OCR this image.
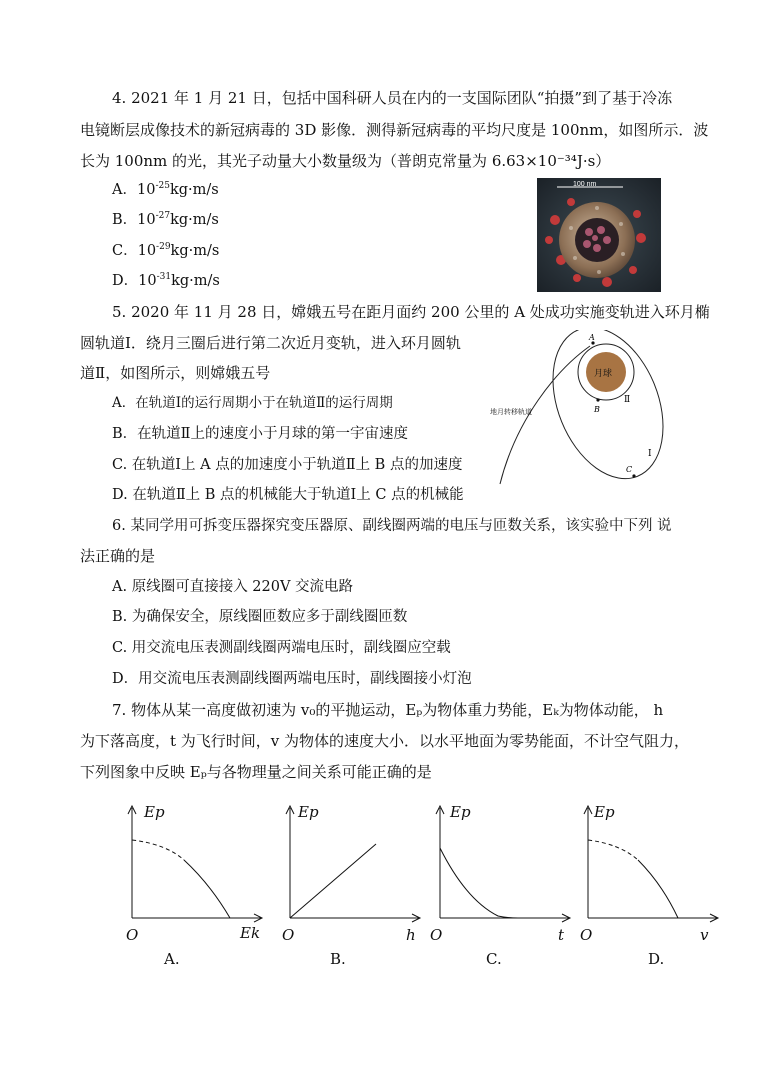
4. 2021 年 1 月 21 日，包括中国科研人员在内的一支国际团队“拍摄”到了基于冷冻
电镜断层成像技术的新冠病毒的 3D 影像．测得新冠病毒的平均尺度是 100nm，如图所示．波
长为 100nm 的光，其光子动量大小数量级为（普朗克常量为 6.63×10⁻³⁴J·s）
A．$10^{-25}kg\cdot m/s$
B．$10^{-27}kg\cdot m/s$
C．$10^{-29}kg\cdot m/s$
D．$10^{-31}kg\cdot m/s$
100 nm
5. 2020 年 11 月 28 日，嫦娥五号在距月面约 200 公里的 A 处成功实施变轨进入环月椭
圆轨道Ⅰ．绕月三圈后进行第二次近月变轨，进入环月圆轨
道Ⅱ，如图所示，则嫦娥五号
A．在轨道Ⅰ的运行周期小于在轨道Ⅱ的运行周期
B．在轨道Ⅱ上的速度小于月球的第一宇宙速度
C. 在轨道Ⅰ上 A 点的加速度小于轨道Ⅱ上 B 点的加速度
D. 在轨道Ⅱ上 B 点的机械能大于轨道Ⅰ上 C 点的机械能
月球
地月转移轨道
A
B
C
Ⅱ
Ⅰ
6. 某同学用可拆变压器探究变压器原、副线圈两端的电压与匝数关系，该实验中下列 说
法正确的是
A. 原线圈可直接接入 220V 交流电路
B. 为确保安全，原线圈匝数应多于副线圈匝数
C. 用交流电压表测副线圈两端电压时，副线圈应空载
D．用交流电压表测副线圈两端电压时，副线圈接小灯泡
7. 物体从某一高度做初速为 v₀的平抛运动，Eₚ为物体重力势能，Eₖ为物体动能， h
为下落高度，t 为飞行时间，v 为物体的速度大小．以水平地面为零势能面，不计空气阻力，
下列图象中反映 Eₚ与各物理量之间关系可能正确的是
Ep
O	Ek
A.
Ep
O	h
B.
Ep
O	t
C.
Ep
O	v
D.
